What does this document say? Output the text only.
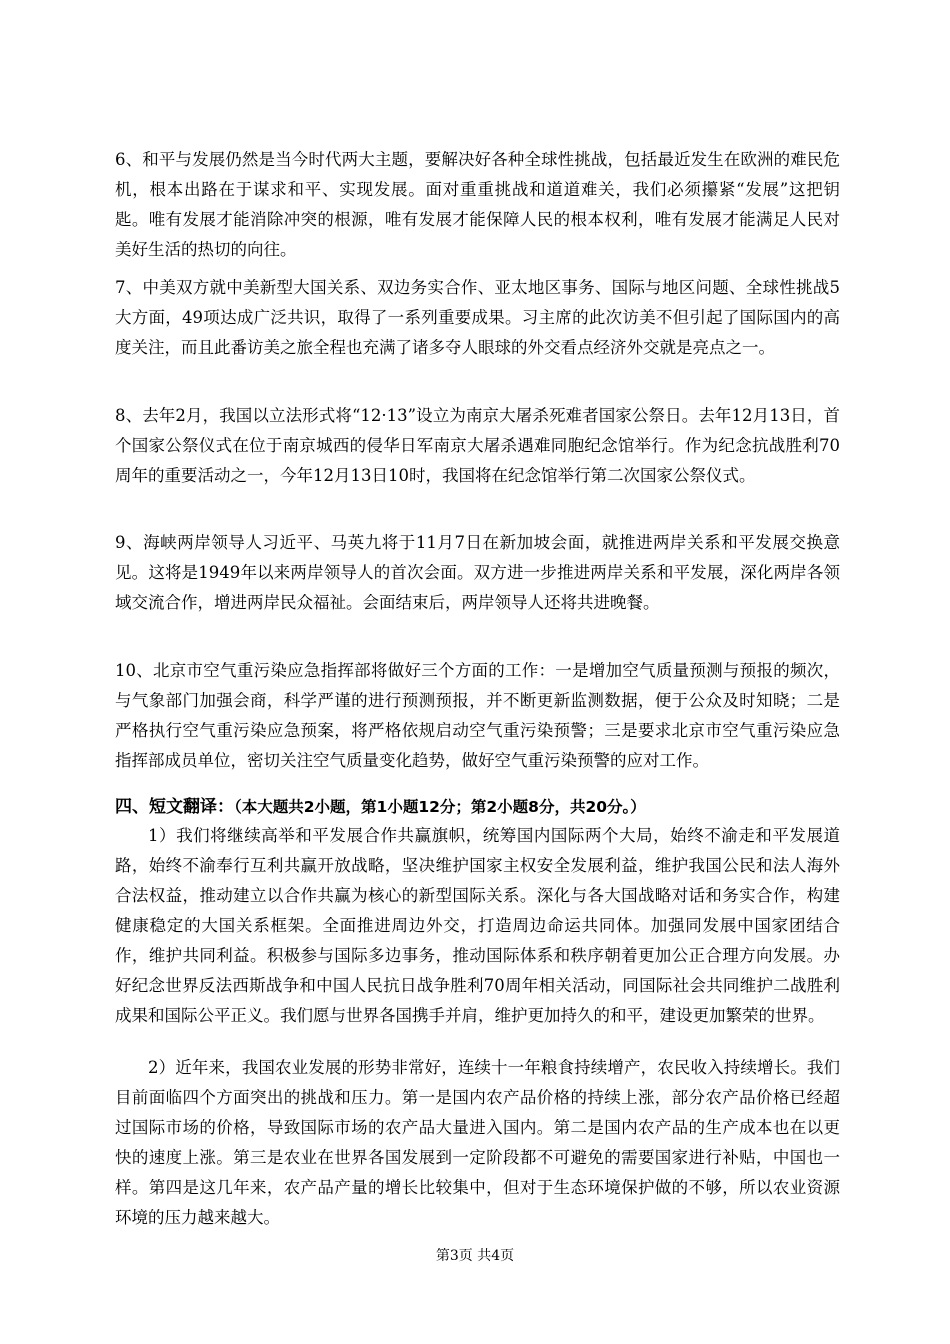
6、和平与发展仍然是当今时代两大主题，要解决好各种全球性挑战，包括最近发生在欧洲的难民危机，根本出路在于谋求和平、实现发展。面对重重挑战和道道难关，我们必须攥紧“发展”这把钥匙。唯有发展才能消除冲突的根源，唯有发展才能保障人民的根本权利，唯有发展才能满足人民对美好生活的热切的向往。

7、中美双方就中美新型大国关系、双边务实合作、亚太地区事务、国际与地区问题、全球性挑战5大方面，49项达成广泛共识，取得了一系列重要成果。习主席的此次访美不但引起了国际国内的高度关注，而且此番访美之旅全程也充满了诸多夺人眼球的外交看点经济外交就是亮点之一。

8、去年2月，我国以立法形式将“12·13”设立为南京大屠杀死难者国家公祭日。去年12月13日，首个国家公祭仪式在位于南京城西的侵华日军南京大屠杀遇难同胞纪念馆举行。作为纪念抗战胜利70周年的重要活动之一，今年12月13日10时，我国将在纪念馆举行第二次国家公祭仪式。

9、海峡两岸领导人习近平、马英九将于11月7日在新加坡会面，就推进两岸关系和平发展交换意见。这将是1949年以来两岸领导人的首次会面。双方进一步推进两岸关系和平发展，深化两岸各领域交流合作，增进两岸民众福祉。会面结束后，两岸领导人还将共进晚餐。

10、北京市空气重污染应急指挥部将做好三个方面的工作：一是增加空气质量预测与预报的频次，与气象部门加强会商，科学严谨的进行预测预报，并不断更新监测数据，便于公众及时知晓；二是严格执行空气重污染应急预案，将严格依规启动空气重污染预警；三是要求北京市空气重污染应急指挥部成员单位，密切关注空气质量变化趋势，做好空气重污染预警的应对工作。

四、短文翻译：（本大题共2小题，第1小题12分；第2小题8分，共20分。）

1）我们将继续高举和平发展合作共赢旗帜，统筹国内国际两个大局，始终不渝走和平发展道路，始终不渝奉行互利共赢开放战略，坚决维护国家主权安全发展利益，维护我国公民和法人海外合法权益，推动建立以合作共赢为核心的新型国际关系。深化与各大国战略对话和务实合作，构建健康稳定的大国关系框架。全面推进周边外交，打造周边命运共同体。加强同发展中国家团结合作，维护共同利益。积极参与国际多边事务，推动国际体系和秩序朝着更加公正合理方向发展。办好纪念世界反法西斯战争和中国人民抗日战争胜利70周年相关活动，同国际社会共同维护二战胜利成果和国际公平正义。我们愿与世界各国携手并肩，维护更加持久的和平，建设更加繁荣的世界。

2）近年来，我国农业发展的形势非常好，连续十一年粮食持续增产，农民收入持续增长。我们目前面临四个方面突出的挑战和压力。第一是国内农产品价格的持续上涨，部分农产品价格已经超过国际市场的价格，导致国际市场的农产品大量进入国内。第二是国内农产品的生产成本也在以更快的速度上涨。第三是农业在世界各国发展到一定阶段都不可避免的需要国家进行补贴，中国也一样。第四是这几年来，农产品产量的增长比较集中，但对于生态环境保护做的不够，所以农业资源环境的压力越来越大。

第3页 共4页
